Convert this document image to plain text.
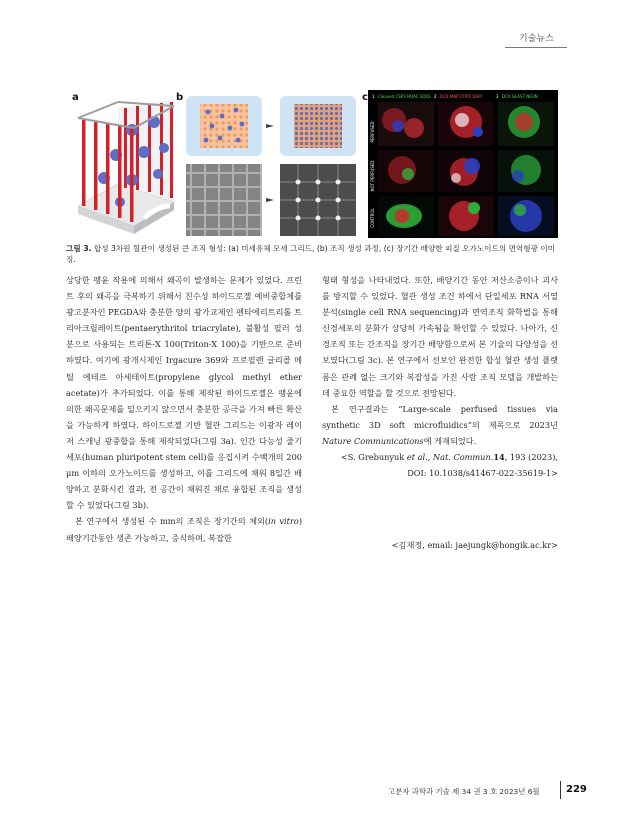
기술뉴스
a	b	c 1 Cleaved CSP3 HOAC SOX2 2 DCX MBP CTIP2 DAPI	3 DCX GLAST NEUN
PERFUSED
NOT PERFUSED
CONTROL
그림 3. 합성 3차원 혈관이 생성된 큰 조직 형성: (a) 미세유체 모세 그리드, (b) 조직 생성 과정, (c) 장기간 배양한 피질 오가노이드의 면역형광 이미징.

상당한 팽윤 작용에 의해서 왜곡이 발생하는 문제가 있었다. 프린트 후의 왜곡을 극복하기 위해서 친수성 하이드로젤 예비중합체를 광고분자인 PEGDA와 충분한 양의 광가교제인 펜타에리트리톨 트리아크릴레이트(pentaerythritol triacrylate), 불활성 필러 성분으로 사용되는 트리톤-X 100(Triton-X 100)을 기반으로 준비하였다. 여기에 광개시제인 Irgacure 369와 프로필렌 글리콜 메틸 에테르 아세테이트(propylene glycol methyl ether acetate)가 추가되었다. 이를 통해 제작된 하이드로젤은 팽윤에 의한 왜곡문제를 일으키지 않으면서 충분한 공극을 가져 빠른 확산을 가능하게 하였다. 하이드로젤 기반 혈관 그리드는 이광자 레이저 스캐닝 광중합을 통해 제작되었다(그림 3a). 인간 다능성 줄기세포(human pluripotent stem cell)를 응집시켜 수백개의 200 μm 이하의 오가노이드를 생성하고, 이를 그리드에 채워 8일간 배양하고 분화시킨 결과, 전 공간이 채워진 채로 융합된 조직을 생성할 수 있었다(그림 3b).

본 연구에서 생성된 수 mm의 조직은 장기간의 체외(in vitro) 배양기간동안 생존 가능하고, 증식하며, 복잡한

형태 형성을 나타내었다. 또한, 배양기간 동안 저산소증이나 괴사를 방지할 수 있었다. 혈관 생성 조건 하에서 단일세포 RNA 서열분석(single cell RNA sequencing)과 면역조직 화학법을 통해 신경세포의 분화가 상당히 가속됨을 확인할 수 있었다. 나아가, 신경조직 또는 간조직을 장기간 배양함으로써 본 기술의 다양성을 선보였다(그림 3c). 본 연구에서 선보인 완전한 합성 혈관 생성 플랫폼은 관례 없는 크기와 복잡성을 가진 사람 조직 모델을 개발하는데 중요한 역할을 할 것으로 전망된다.

본 연구결과는 “Large-scale perfused tissues via synthetic 3D soft microfluidics”의 제목으로 2023년 Nature Communications에 게재되었다.

<S. Grebunyuk et al., Nat. Commun.14, 193 (2023),

DOI: 10.1038/s41467-022-35619-1>

<김재정, email: jaejungk@hongik.ac.kr>
고분자 과학과 기술 제 34 권 3 호 2023년 6월	229
